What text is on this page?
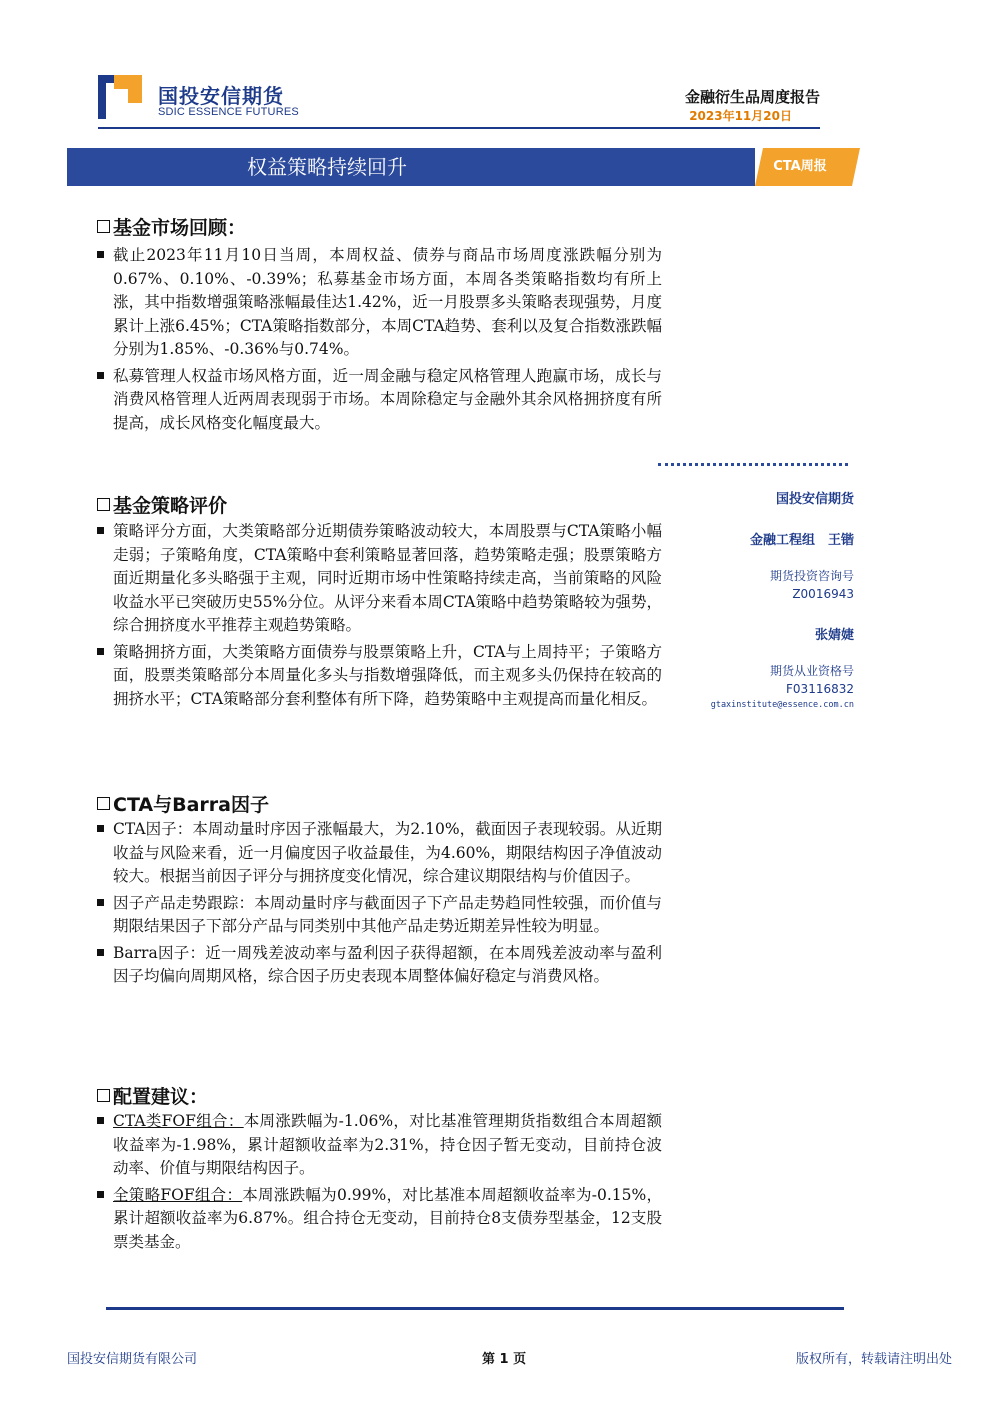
国投安信期货
SDIC ESSENCE FUTURES
金融衍生品周度报告
2023年11月20日
权益策略持续回升	CTA周报
基金市场回顾：
截止2023年11月10日当周，本周权益、债券与商品市场周度涨跌幅分别为0.67%、0.10%、-0.39%；私募基金市场方面，本周各类策略指数均有所上涨，其中指数增强策略涨幅最佳达1.42%，近一月股票多头策略表现强势，月度累计上涨6.45%；CTA策略指数部分，本周CTA趋势、套利以及复合指数涨跌幅分别为1.85%、-0.36%与0.74%。
私募管理人权益市场风格方面，近一周金融与稳定风格管理人跑赢市场，成长与消费风格管理人近两周表现弱于市场。本周除稳定与金融外其余风格拥挤度有所提高，成长风格变化幅度最大。
基金策略评价
策略评分方面，大类策略部分近期债券策略波动较大，本周股票与CTA策略小幅走弱；子策略角度，CTA策略中套利策略显著回落，趋势策略走强；股票策略方面近期量化多头略强于主观，同时近期市场中性策略持续走高，当前策略的风险收益水平已突破历史55%分位。从评分来看本周CTA策略中趋势策略较为强势，综合拥挤度水平推荐主观趋势策略。
策略拥挤方面，大类策略方面债券与股票策略上升，CTA与上周持平；子策略方面，股票类策略部分本周量化多头与指数增强降低，而主观多头仍保持在较高的拥挤水平；CTA策略部分套利整体有所下降，趋势策略中主观提高而量化相反。
CTA与Barra因子
CTA因子：本周动量时序因子涨幅最大，为2.10%，截面因子表现较弱。从近期收益与风险来看，近一月偏度因子收益最佳，为4.60%，期限结构因子净值波动较大。根据当前因子评分与拥挤度变化情况，综合建议期限结构与价值因子。
因子产品走势跟踪：本周动量时序与截面因子下产品走势趋同性较强，而价值与期限结果因子下部分产品与同类别中其他产品走势近期差异性较为明显。
Barra因子：近一周残差波动率与盈利因子获得超额，在本周残差波动率与盈利因子均偏向周期风格，综合因子历史表现本周整体偏好稳定与消费风格。
配置建议：
CTA类FOF组合：本周涨跌幅为-1.06%，对比基准管理期货指数组合本周超额收益率为-1.98%，累计超额收益率为2.31%，持仓因子暂无变动，目前持仓波动率、价值与期限结构因子。
全策略FOF组合：本周涨跌幅为0.99%，对比基准本周超额收益率为-0.15%，累计超额收益率为6.87%。组合持仓无变动，目前持仓8支债券型基金，12支股票类基金。
国投安信期货
金融工程组　王锴
期货投资咨询号
Z0016943
张婧婕
期货从业资格号
F03116832
gtaxinstitute@essence.com.cn
国投安信期货有限公司	第 1 页	版权所有，转载请注明出处
